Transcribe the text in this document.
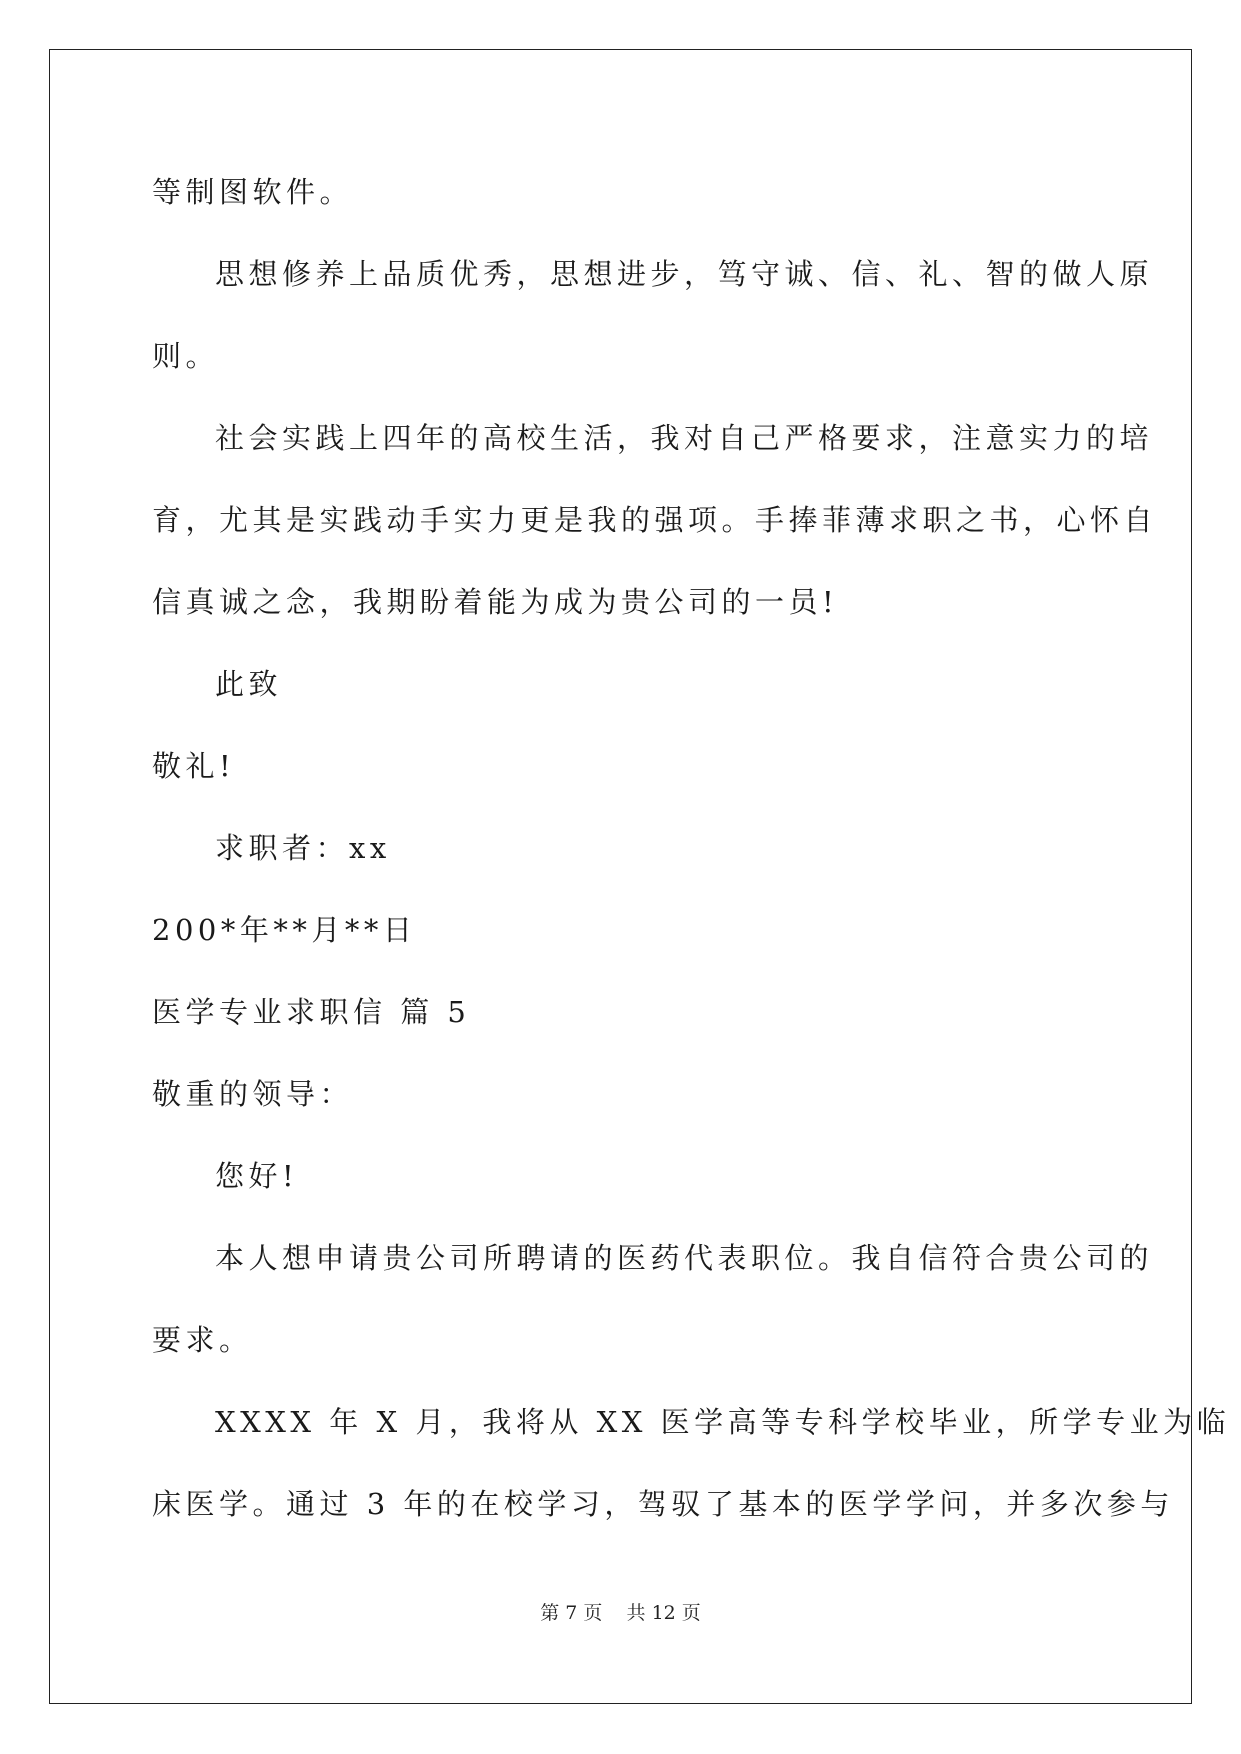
等制图软件。
思想修养上品质优秀，思想进步，笃守诚、信、礼、智的做人原
则。
社会实践上四年的高校生活，我对自己严格要求，注意实力的培
育，尤其是实践动手实力更是我的强项。手捧菲薄求职之书，心怀自
信真诚之念，我期盼着能为成为贵公司的一员!
此致
敬礼!
求职者：xx
200*年**月**日
医学专业求职信 篇 5
敬重的领导：
您好!
本人想申请贵公司所聘请的医药代表职位。我自信符合贵公司的
要求。
XXXX 年 X 月，我将从 XX 医学高等专科学校毕业，所学专业为临
床医学。通过 3 年的在校学习，驾驭了基本的医学学问，并多次参与
第 7 页 共 12 页
